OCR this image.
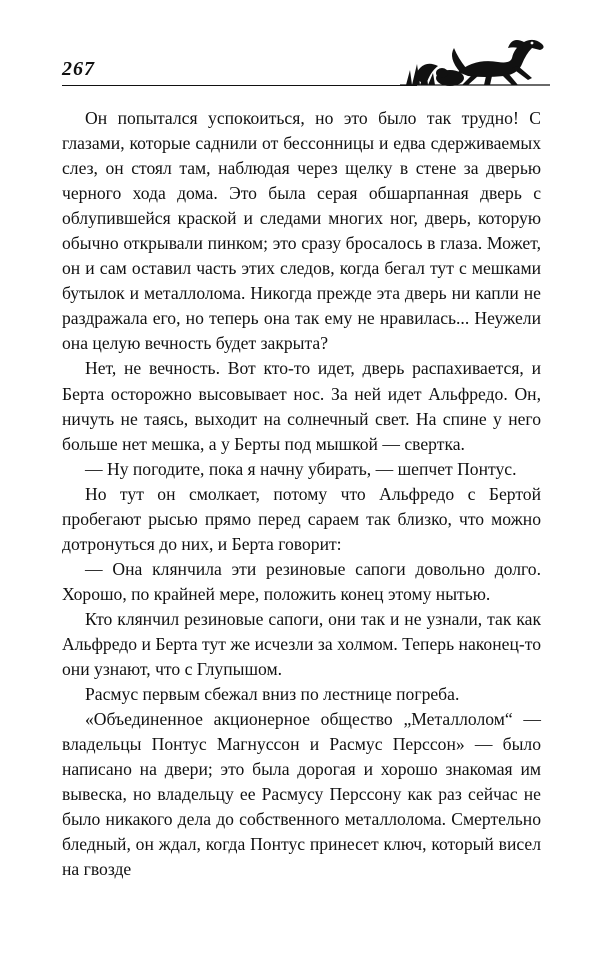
267

Он попытался успокоиться, но это было так трудно! С глазами, которые саднили от бессонницы и едва сдерживаемых слез, он стоял там, наблюдая через щелку в стене за дверью черного хода дома. Это была серая обшарпанная дверь с облупившейся краской и следами многих ног, дверь, которую обычно открывали пинком; это сразу бросалось в глаза. Может, он и сам оставил часть этих следов, когда бегал тут с мешками бутылок и металлолома. Никогда прежде эта дверь ни капли не раздражала его, но теперь она так ему не нравилась... Неужели она целую вечность будет закрыта?

Нет, не вечность. Вот кто-то идет, дверь распахивается, и Берта осторожно высовывает нос. За ней идет Альфредо. Он, ничуть не таясь, выходит на солнечный свет. На спине у него больше нет мешка, а у Берты под мышкой — свертка.

— Ну погодите, пока я начну убирать, — шепчет Понтус.

Но тут он смолкает, потому что Альфредо с Бертой пробегают рысью прямо перед сараем так близко, что можно дотронуться до них, и Берта говорит:

— Она клянчила эти резиновые сапоги довольно долго. Хорошо, по крайней мере, положить конец этому нытью.

Кто клянчил резиновые сапоги, они так и не узнали, так как Альфредо и Берта тут же исчезли за холмом. Теперь наконец-то они узнают, что с Глупышом.

Расмус первым сбежал вниз по лестнице погреба.

«Объединенное акционерное общество „Металлолом“ — владельцы Понтус Магнуссон и Расмус Перссон» — было написано на двери; это была дорогая и хорошо знакомая им вывеска, но владельцу ее Расмусу Перссону как раз сейчас не было никакого дела до собственного металлолома. Смертельно бледный, он ждал, когда Понтус принесет ключ, который висел на гвозде
